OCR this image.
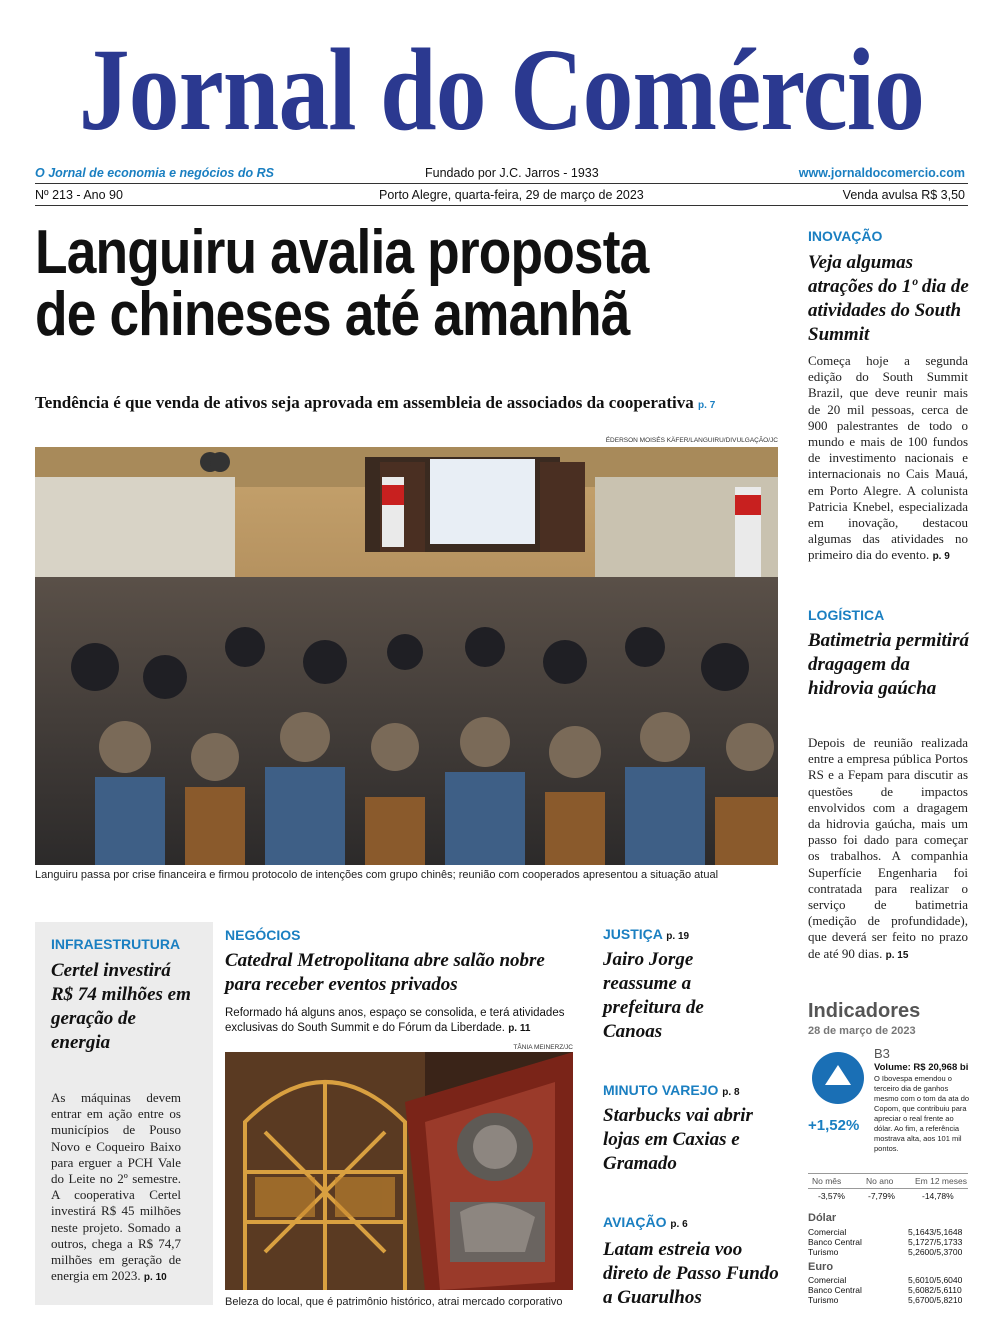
Jornal do Comércio
O Jornal de economia e negócios do RS	Fundado por J.C. Jarros - 1933	www.jornaldocomercio.com
Nº 213 - Ano 90	Porto Alegre, quarta-feira, 29 de março de 2023	Venda avulsa R$ 3,50
Languiru avalia proposta
de chineses até amanhã
Tendência é que venda de ativos seja aprovada em assembleia de associados da cooperativa p. 7
ÉDERSON MOISÉS KÄFER/LANGUIRU/DIVULGAÇÃO/JC
Languiru passa por crise financeira e firmou protocolo de intenções com grupo chinês; reunião com cooperados apresentou a situação atual
INOVAÇÃO
Veja algumas atrações do 1º dia de atividades do South Summit
Começa hoje a segunda edição do South Summit Brazil, que deve reunir mais de 20 mil pessoas, cerca de 900 palestrantes de todo o mundo e mais de 100 fundos de investimento nacionais e internacionais no Cais Mauá, em Porto Alegre. A colunista Patricia Knebel, especializada em inovação, destacou algumas das atividades no primeiro dia do evento. p. 9
LOGÍSTICA
Batimetria permitirá dragagem da hidrovia gaúcha
Depois de reunião realizada entre a empresa pública Portos RS e a Fepam para discutir as questões de impactos envolvidos com a dragagem da hidrovia gaúcha, mais um passo foi dado para começar os trabalhos. A companhia Superfície Engenharia foi contratada para realizar o serviço de batimetria (medição de profundidade), que deverá ser feito no prazo de até 90 dias. p. 15
INFRAESTRUTURA
Certel investirá R$ 74 milhões em geração de energia
As máquinas devem entrar em ação entre os municípios de Pouso Novo e Coqueiro Baixo para erguer a PCH Vale do Leite no 2º semestre. A cooperativa Certel investirá R$ 45 milhões neste projeto. Somado a outros, chega a R$ 74,7 milhões em geração de energia em 2023. p. 10
NEGÓCIOS
Catedral Metropolitana abre salão nobre para receber eventos privados
Reformado há alguns anos, espaço se consolida, e terá atividades exclusivas do South Summit e do Fórum da Liberdade. p. 11
TÂNIA MEINERZ/JC
Beleza do local, que é patrimônio histórico, atrai mercado corporativo
JUSTIÇA p. 19
Jairo Jorge reassume a prefeitura de Canoas
MINUTO VAREJO p. 8
Starbucks vai abrir lojas em Caxias e Gramado
AVIAÇÃO p. 6
Latam estreia voo direto de Passo Fundo a Guarulhos
Indicadores
28 de março de 2023
B3
+1,52%
Volume: R$ 20,968 bi
O Ibovespa emendou o terceiro dia de ganhos mesmo com o tom da ata do Copom, que contribuiu para apreciar o real frente ao dólar. Ao fim, a referência mostrava alta, aos 101 mil pontos.
No mês	No ano	Em 12 meses
-3,57%	-7,79%	-14,78%
Dólar
Comercial	5,1643/5,1648
Banco Central	5,1727/5,1733
Turismo	5,2600/5,3700
Euro
Comercial	5,6010/5,6040
Banco Central	5,6082/5,6110
Turismo	5,6700/5,8210
